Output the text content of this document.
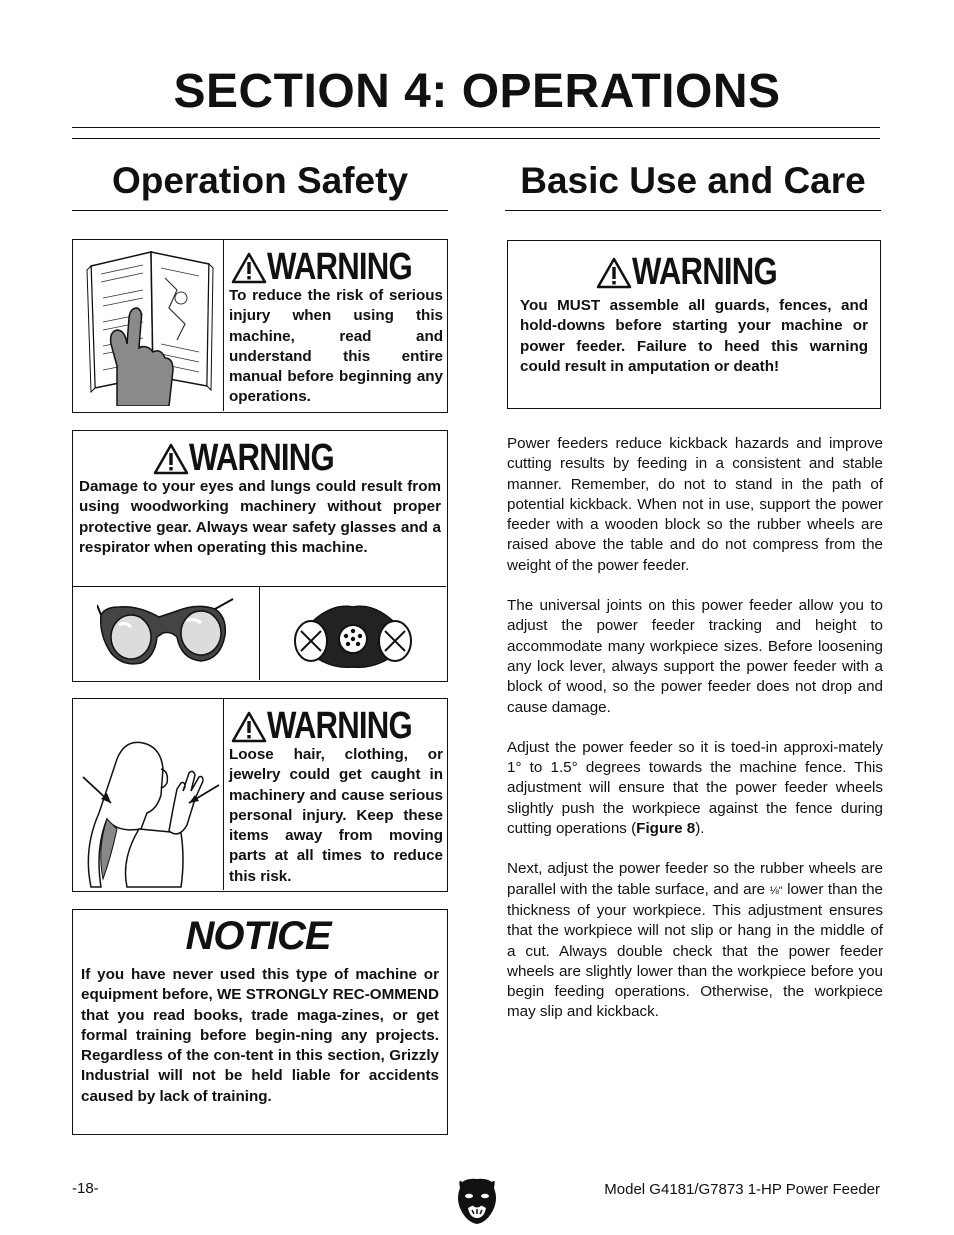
SECTION 4: OPERATIONS
Operation Safety	Basic Use and Care
WARNING
To reduce the risk of serious injury when using this machine, read and understand this entire manual before beginning any operations.
WARNING
Damage to your eyes and lungs could result from using woodworking machinery without proper protective gear. Always wear safety glasses and a respirator when operating this machine.
WARNING
Loose hair, clothing, or jewelry could get caught in machinery and cause serious personal injury. Keep these items away from moving parts at all times to reduce this risk.
NOTICE
If you have never used this type of machine or equipment before, WE STRONGLY REC-OMMEND that you read books, trade maga-zines, or get formal training before begin-ning any projects. Regardless of the con-tent in this section, Grizzly Industrial will not be held liable for accidents caused by lack of training.
WARNING
You MUST assemble all guards, fences, and hold-downs before starting your machine or power feeder. Failure to heed this warning could result in amputation or death!

Power feeders reduce kickback hazards and improve cutting results by feeding in a consistent and stable manner. Remember, do not to stand in the path of potential kickback. When not in use, support the power feeder with a wooden block so the rubber wheels are raised above the table and do not compress from the weight of the power feeder.

The universal joints on this power feeder allow you to adjust the power feeder tracking and height to accommodate many workpiece sizes. Before loosening any lock lever, always support the power feeder with a block of wood, so the power feeder does not drop and cause damage.

Adjust the power feeder so it is toed-in approxi-mately 1° to 1.5° degrees towards the machine fence. This adjustment will ensure that the power feeder wheels slightly push the workpiece against the fence during cutting operations (Figure 8).

Next, adjust the power feeder so the rubber wheels are parallel with the table surface, and are ⅛" lower than the thickness of your workpiece. This adjustment ensures that the workpiece will not slip or hang in the middle of a cut. Always double check that the power feeder wheels are slightly lower than the workpiece before you begin feeding operations. Otherwise, the workpiece may slip and kickback.

-18-	Model G4181/G7873 1-HP Power Feeder
